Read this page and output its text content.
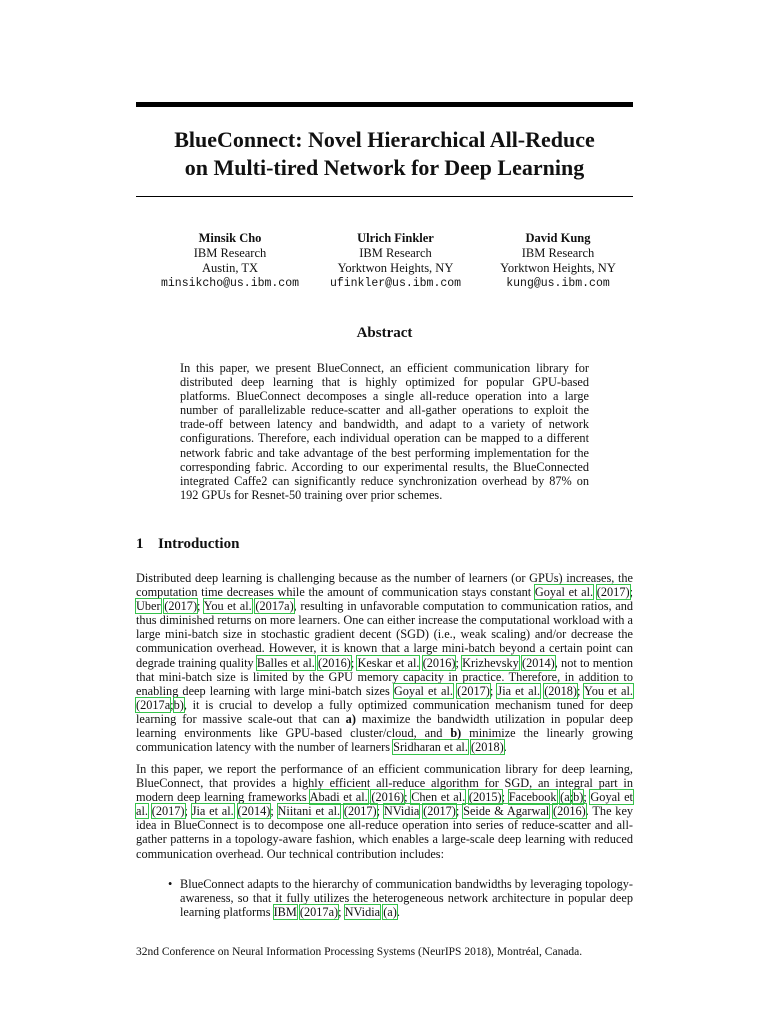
BlueConnect: Novel Hierarchical All-Reduce
on Multi-tired Network for Deep Learning
Minsik Cho
IBM Research
Austin, TX
minsikcho@us.ibm.com
Ulrich Finkler
IBM Research
Yorktwon Heights, NY
ufinkler@us.ibm.com
David Kung
IBM Research
Yorktwon Heights, NY
kung@us.ibm.com
Abstract
In this paper, we present BlueConnect, an efficient communication library for distributed deep learning that is highly optimized for popular GPU-based platforms. BlueConnect decomposes a single all-reduce operation into a large number of parallelizable reduce-scatter and all-gather operations to exploit the trade-off between latency and bandwidth, and adapt to a variety of network configurations. Therefore, each individual operation can be mapped to a different network fabric and take advantage of the best performing implementation for the corresponding fabric. According to our experimental results, the BlueConnected integrated Caffe2 can significantly reduce synchronization overhead by 87% on 192 GPUs for Resnet-50 training over prior schemes.
1 Introduction
Distributed deep learning is challenging because as the number of learners (or GPUs) increases, the computation time decreases while the amount of communication stays constant Goyal et al. (2017); Uber (2017); You et al. (2017a), resulting in unfavorable computation to communication ratios, and thus diminished returns on more learners. One can either increase the computational workload with a large mini-batch size in stochastic gradient decent (SGD) (i.e., weak scaling) and/or decrease the communication overhead. However, it is known that a large mini-batch beyond a certain point can degrade training quality Balles et al. (2016); Keskar et al. (2016); Krizhevsky (2014), not to mention that mini-batch size is limited by the GPU memory capacity in practice. Therefore, in addition to enabling deep learning with large mini-batch sizes Goyal et al. (2017); Jia et al. (2018); You et al. (2017a;b), it is crucial to develop a fully optimized communication mechanism tuned for deep learning for massive scale-out that can a) maximize the bandwidth utilization in popular deep learning environments like GPU-based cluster/cloud, and b) minimize the linearly growing communication latency with the number of learners Sridharan et al. (2018).
In this paper, we report the performance of an efficient communication library for deep learning, BlueConnect, that provides a highly efficient all-reduce algorithm for SGD, an integral part in modern deep learning frameworks Abadi et al. (2016); Chen et al. (2015); Facebook (a;b); Goyal et al. (2017); Jia et al. (2014); Niitani et al. (2017); NVidia (2017); Seide & Agarwal (2016). The key idea in BlueConnect is to decompose one all-reduce operation into series of reduce-scatter and all-gather patterns in a topology-aware fashion, which enables a large-scale deep learning with reduced communication overhead. Our technical contribution includes:
• BlueConnect adapts to the hierarchy of communication bandwidths by leveraging topology-awareness, so that it fully utilizes the heterogeneous network architecture in popular deep learning platforms IBM (2017a); NVidia (a).
32nd Conference on Neural Information Processing Systems (NeurIPS 2018), Montréal, Canada.
